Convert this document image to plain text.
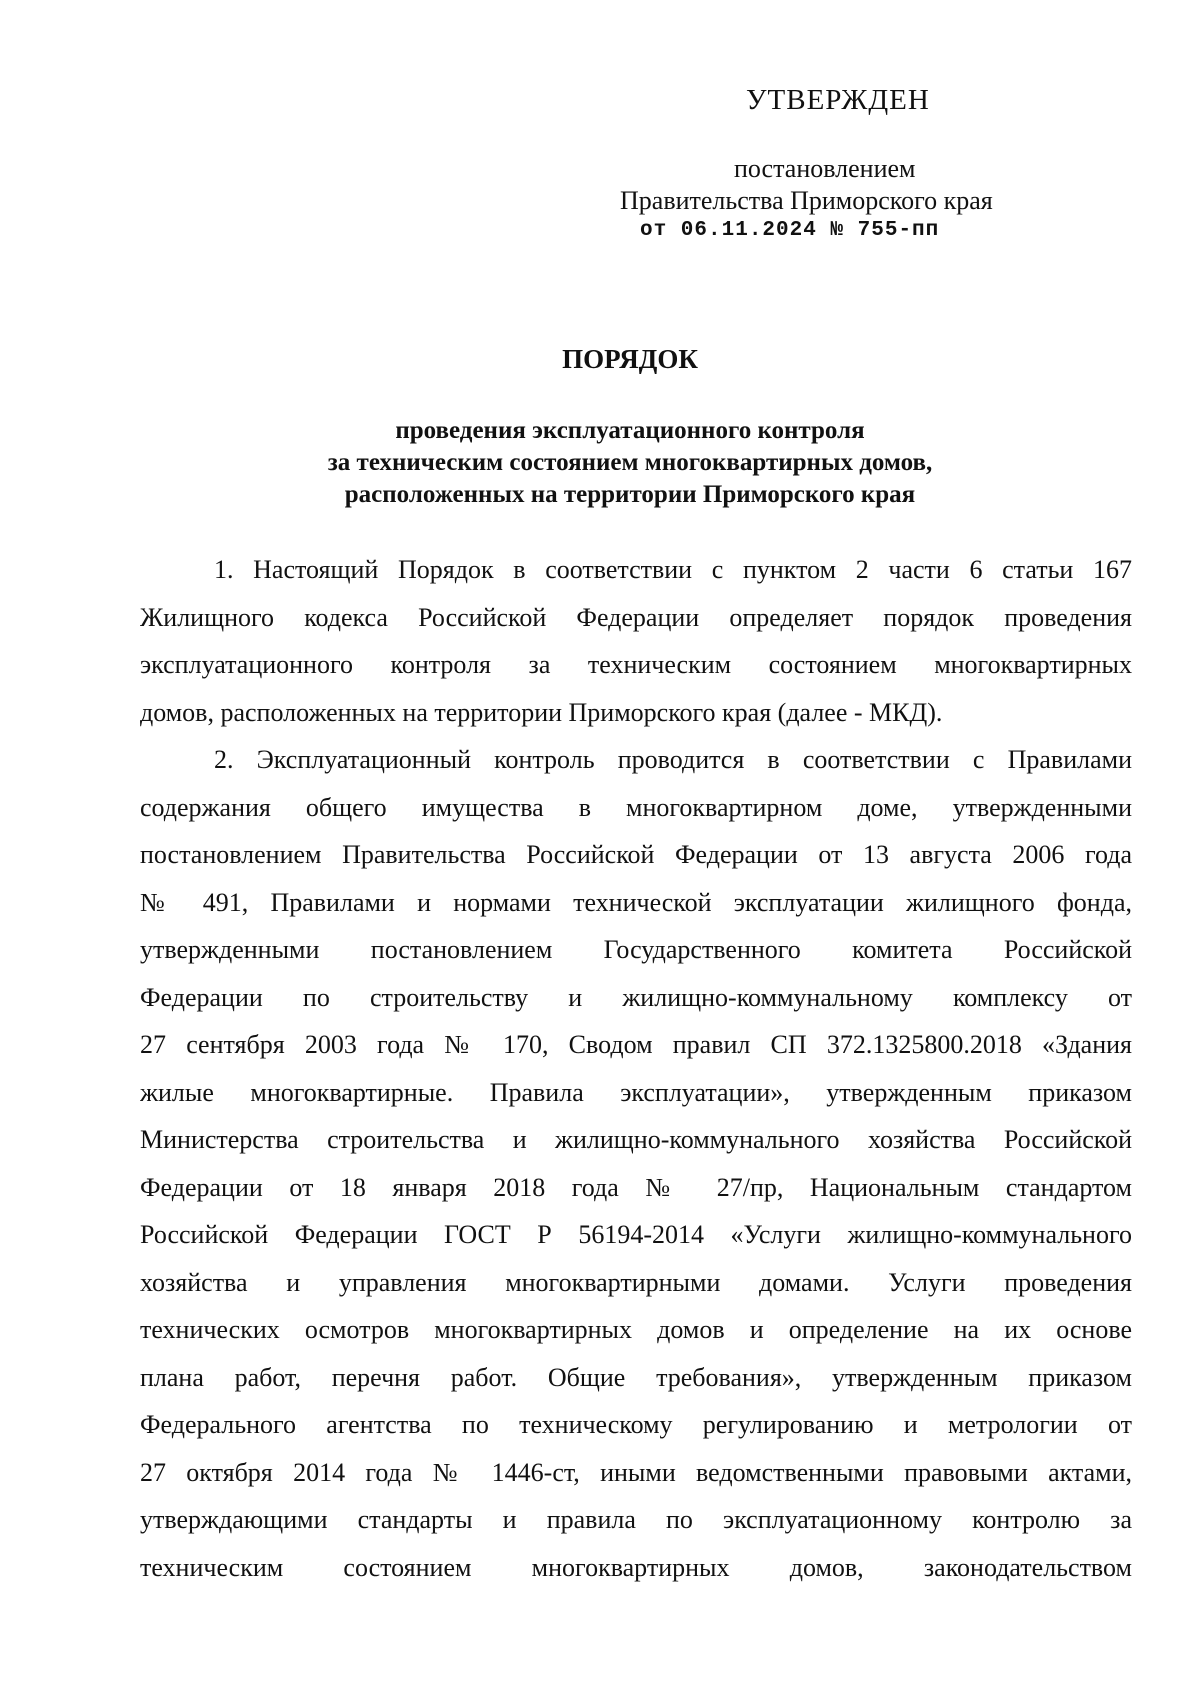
УТВЕРЖДЕН
постановлением
Правительства Приморского края
от 06.11.2024 № 755-пп
ПОРЯДОК
проведения эксплуатационного контроля
за техническим состоянием многоквартирных домов,
расположенных на территории Приморского края
1. Настоящий Порядок в соответствии с пунктом 2 части 6 статьи 167
Жилищного кодекса Российской Федерации определяет порядок проведения
эксплуатационного контроля за техническим состоянием многоквартирных
домов, расположенных на территории Приморского края (далее - МКД).
2. Эксплуатационный контроль проводится в соответствии с Правилами
содержания общего имущества в многоквартирном доме, утвержденными
постановлением Правительства Российской Федерации от 13 августа 2006 года
№ 491, Правилами и нормами технической эксплуатации жилищного фонда,
утвержденными постановлением Государственного комитета Российской
Федерации по строительству и жилищно-коммунальному комплексу от
27 сентября 2003 года № 170, Сводом правил СП 372.1325800.2018 «Здания
жилые многоквартирные. Правила эксплуатации», утвержденным приказом
Министерства строительства и жилищно-коммунального хозяйства Российской
Федерации от 18 января 2018 года № 27/пр, Национальным стандартом
Российской Федерации ГОСТ Р 56194-2014 «Услуги жилищно-коммунального
хозяйства и управления многоквартирными домами. Услуги проведения
технических осмотров многоквартирных домов и определение на их основе
плана работ, перечня работ. Общие требования», утвержденным приказом
Федерального агентства по техническому регулированию и метрологии от
27 октября 2014 года № 1446-ст, иными ведомственными правовыми актами,
утверждающими стандарты и правила по эксплуатационному контролю за
техническим состоянием многоквартирных домов, законодательством
